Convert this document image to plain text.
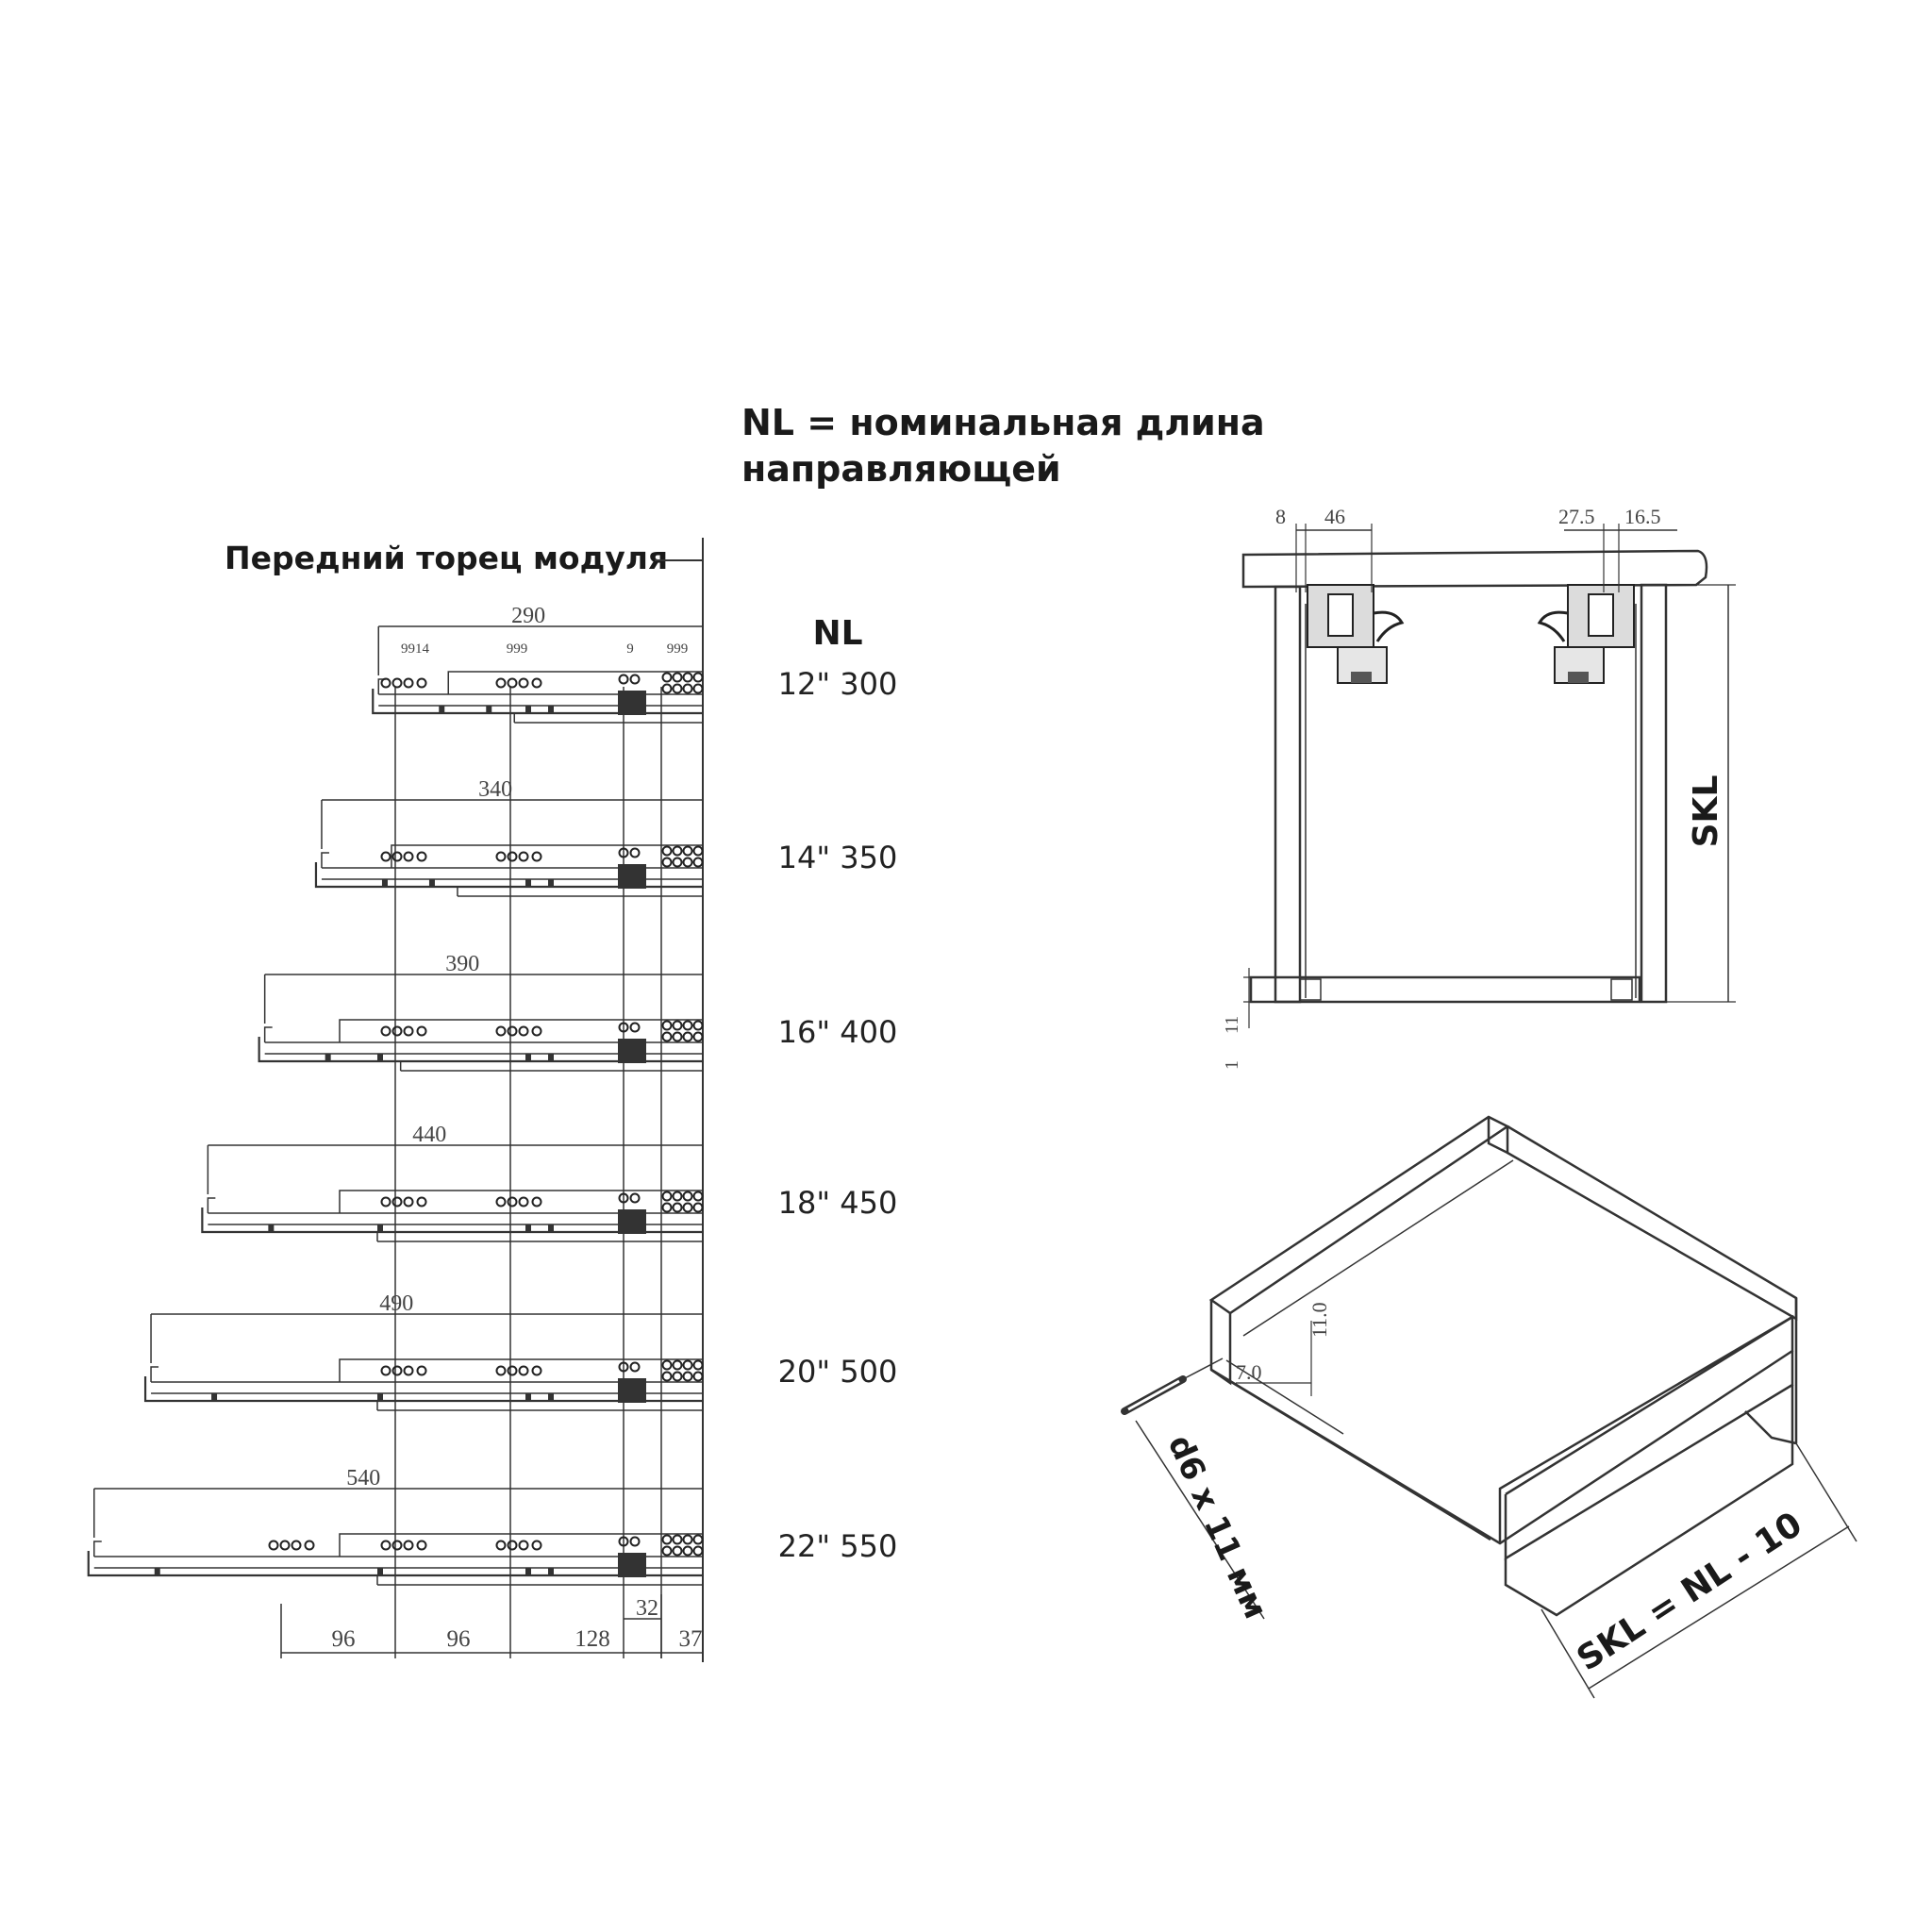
NL = номинальная длина
направляющей
Передний торец модуля
NL
290
12" 300
340
14" 350
390
16" 400
440
18" 450
490
20" 500
540
22" 550
32
96	96	128	37
9914	999	9 999
8 46	27.5 16.5
SKL
11
1
11.0
7.0
d6 x 11 мм	SKL = NL - 10
